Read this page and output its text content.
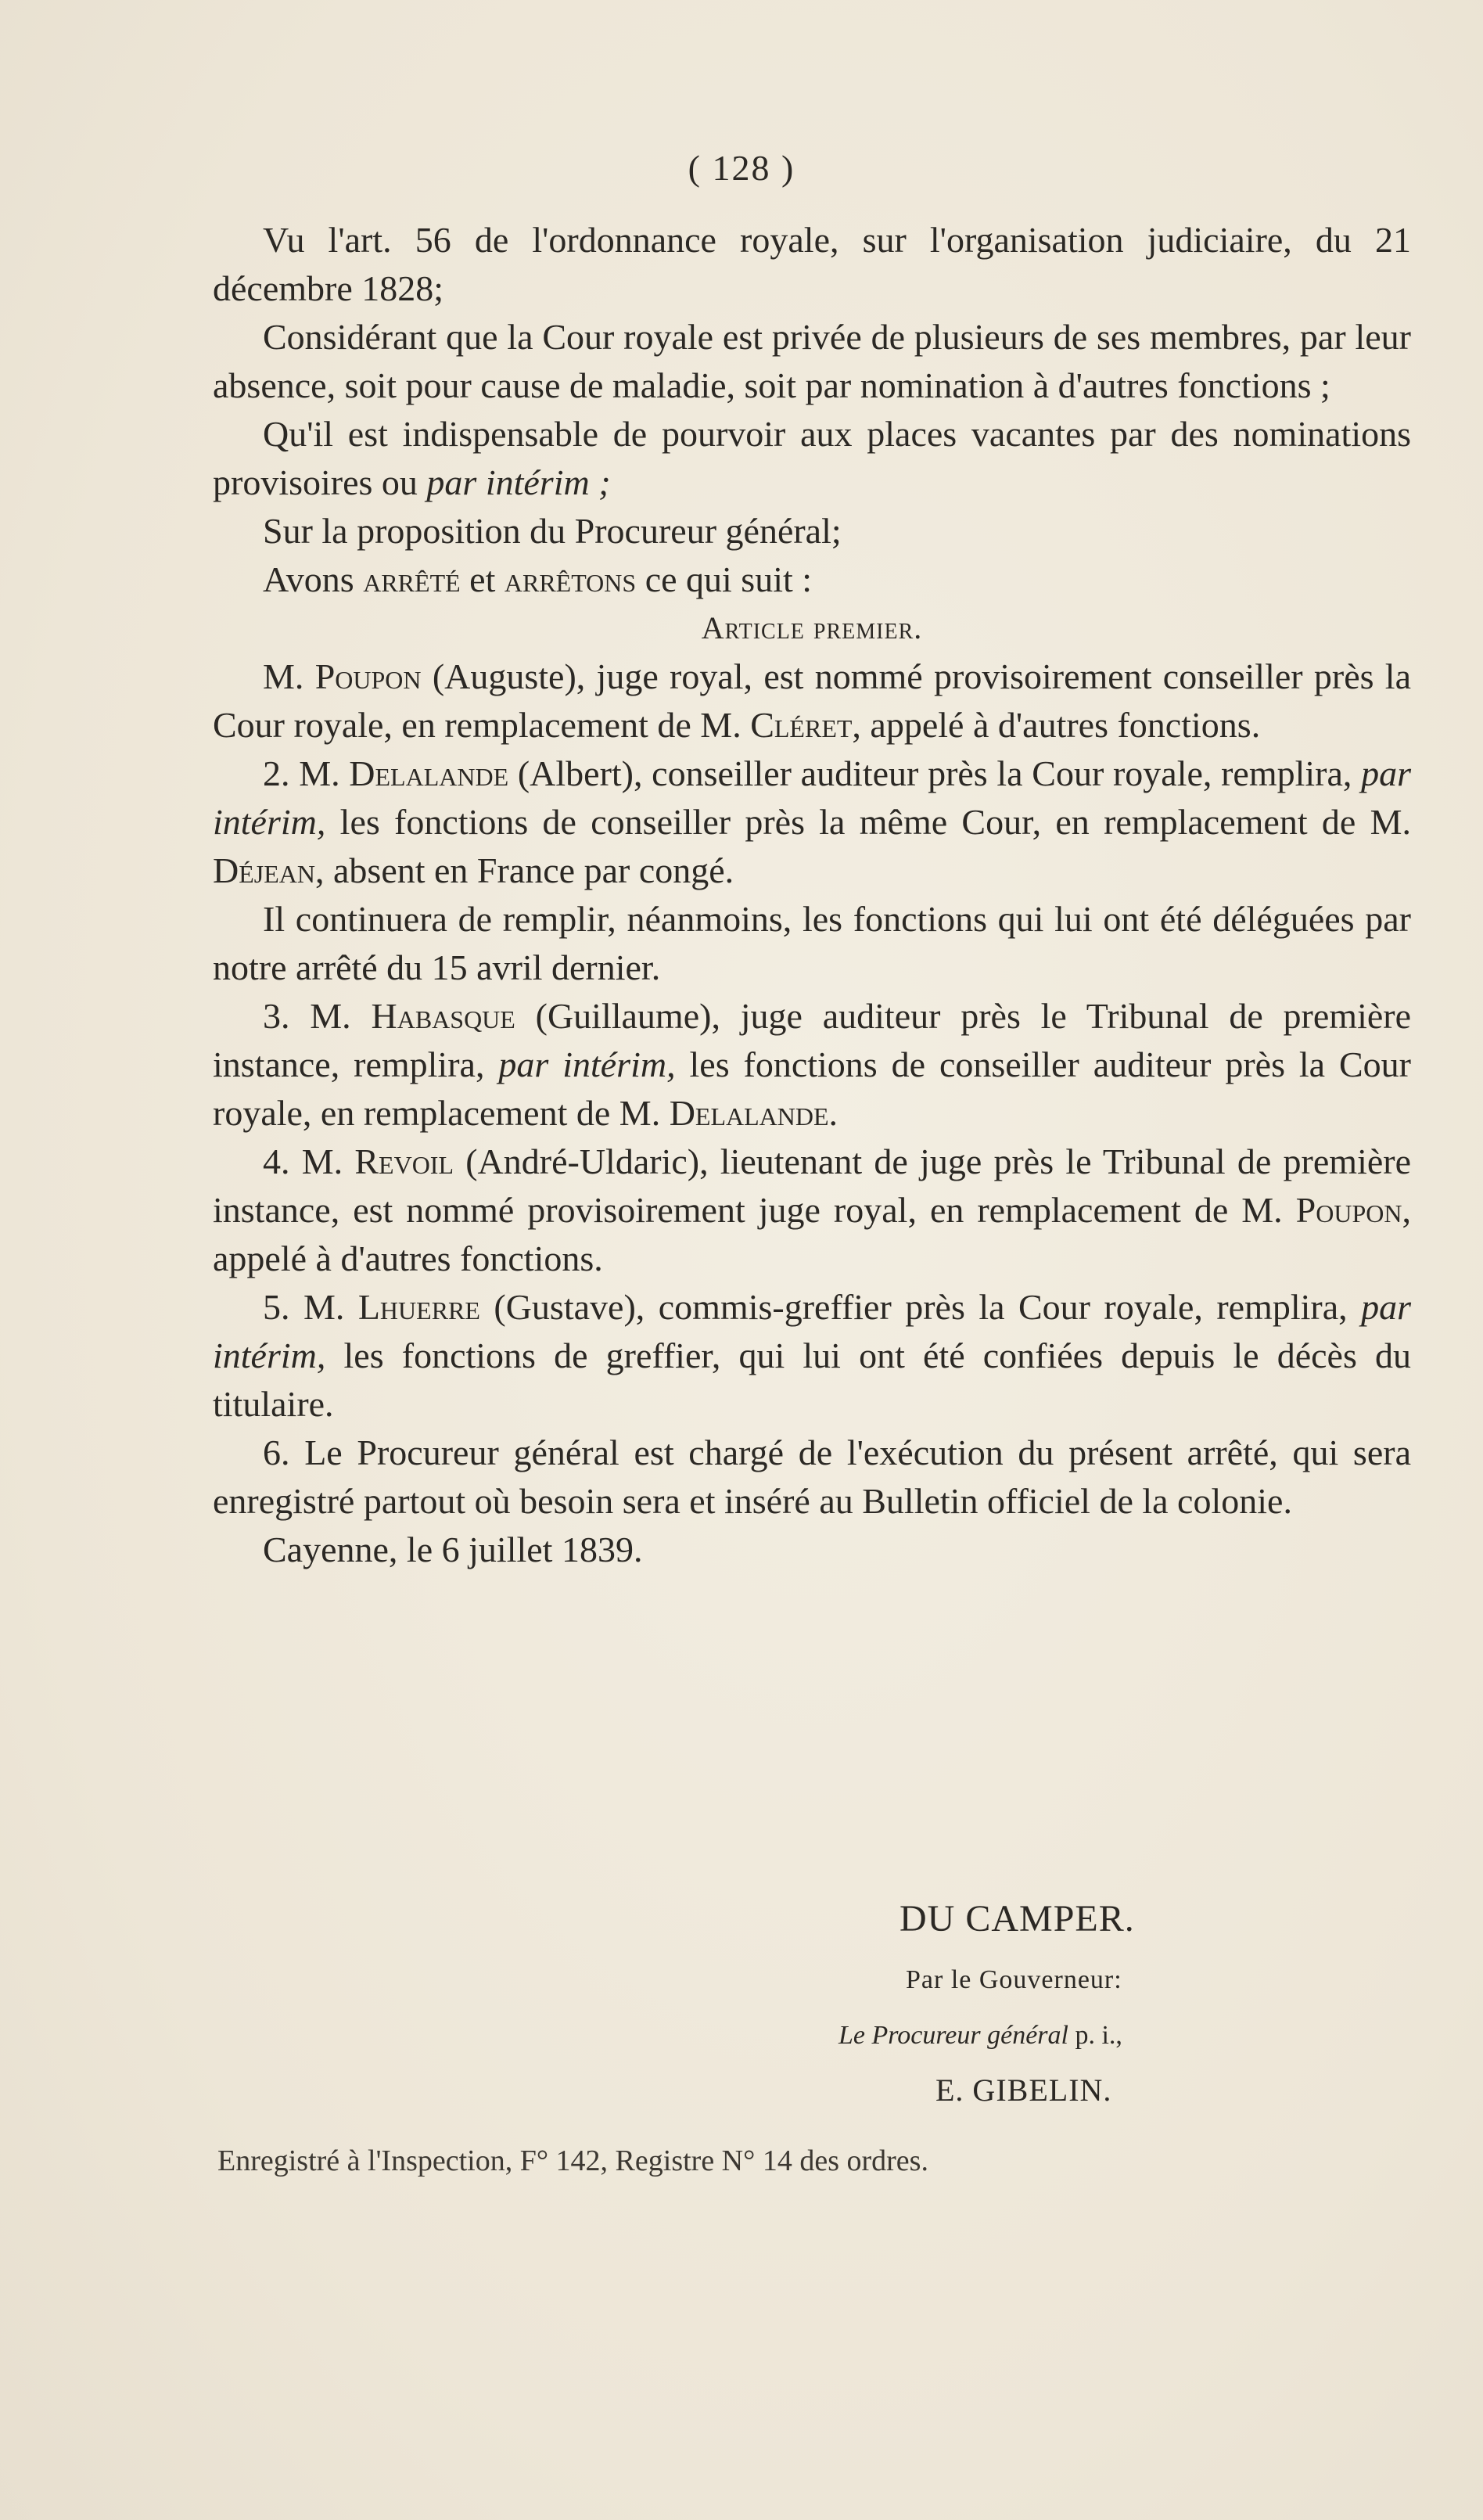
( 128 )

Vu l'art. 56 de l'ordonnance royale, sur l'organisation judiciaire, du 21 décembre 1828;

Considérant que la Cour royale est privée de plusieurs de ses membres, par leur absence, soit pour cause de maladie, soit par nomination à d'autres fonctions ;

Qu'il est indispensable de pourvoir aux places vacantes par des nominations provisoires ou par intérim ;

Sur la proposition du Procureur général;

Avons arrêté et arrêtons ce qui suit :

Article premier.

M. Poupon (Auguste), juge royal, est nommé provisoirement conseiller près la Cour royale, en remplacement de M. Cléret, appelé à d'autres fonctions.

2. M. Delalande (Albert), conseiller auditeur près la Cour royale, remplira, par intérim, les fonctions de conseiller près la même Cour, en remplacement de M. Déjean, absent en France par congé.

Il continuera de remplir, néanmoins, les fonctions qui lui ont été déléguées par notre arrêté du 15 avril dernier.

3. M. Habasque (Guillaume), juge auditeur près le Tribunal de première instance, remplira, par intérim, les fonctions de conseiller auditeur près la Cour royale, en remplacement de M. Delalande.

4. M. Revoil (André-Uldaric), lieutenant de juge près le Tribunal de première instance, est nommé provisoirement juge royal, en remplacement de M. Poupon, appelé à d'autres fonctions.

5. M. Lhuerre (Gustave), commis-greffier près la Cour royale, remplira, par intérim, les fonctions de greffier, qui lui ont été confiées depuis le décès du titulaire.

6. Le Procureur général est chargé de l'exécution du présent arrêté, qui sera enregistré partout où besoin sera et inséré au Bulletin officiel de la colonie.

Cayenne, le 6 juillet 1839.

DU CAMPER.
Par le Gouverneur:
Le Procureur général p. i.,
E. GIBELIN.
Enregistré à l'Inspection, F° 142, Registre N° 14 des ordres.
